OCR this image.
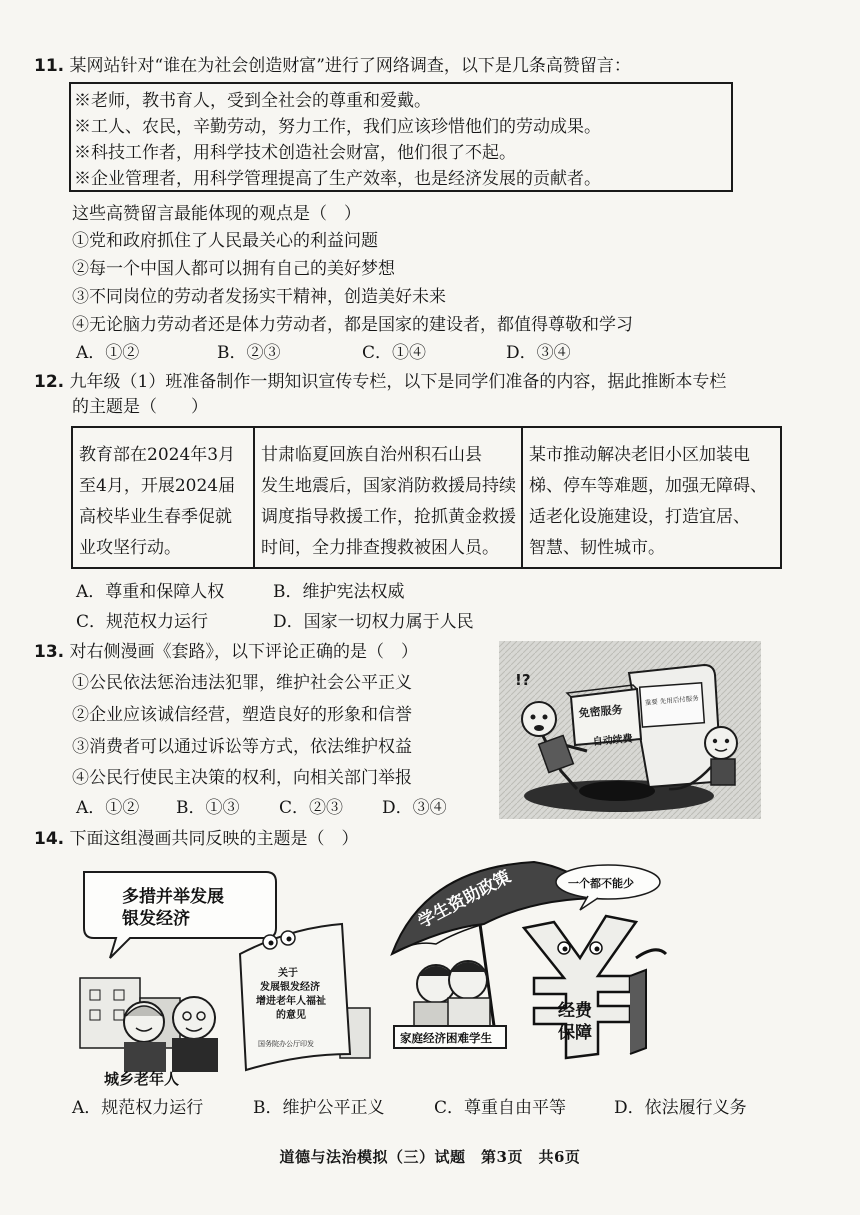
11. 某网站针对“谁在为社会创造财富”进行了网络调查，以下是几条高赞留言：
※老师，教书育人，受到全社会的尊重和爱戴。
※工人、农民，辛勤劳动，努力工作，我们应该珍惜他们的劳动成果。
※科技工作者，用科学技术创造社会财富，他们很了不起。
※企业管理者，用科学管理提高了生产效率，也是经济发展的贡献者。
这些高赞留言最能体现的观点是（　）
①党和政府抓住了人民最关心的利益问题
②每一个中国人都可以拥有自己的美好梦想
③不同岗位的劳动者发扬实干精神，创造美好未来
④无论脑力劳动者还是体力劳动者，都是国家的建设者，都值得尊敬和学习
A．①②	B．②③	C．①④	D．③④
12. 九年级（1）班准备制作一期知识宣传专栏，以下是同学们准备的内容，据此推断本专栏
的主题是（　　）
教育部在2024年3月
至4月，开展2024届
高校毕业生春季促就
业攻坚行动。

甘肃临夏回族自治州积石山县
发生地震后，国家消防救援局持续
调度指导救援工作，抢抓黄金救援
时间，全力排查搜救被困人员。

某市推动解决老旧小区加装电
梯、停车等难题，加强无障碍、
适老化设施建设，打造宜居、
智慧、韧性城市。
A．尊重和保障人权	B．维护宪法权威
C．规范权力运行	D．国家一切权力属于人民
13. 对右侧漫画《套路》，以下评论正确的是（　）
①公民依法惩治违法犯罪，维护社会公平正义
②企业应该诚信经营，塑造良好的形象和信誉
③消费者可以通过诉讼等方式，依法维护权益
④公民行使民主决策的权利，向相关部门举报
A．①② B．①③ C．②③ D．③④
!?
免密服务
自动续费
重要 先用后付服务
14. 下面这组漫画共同反映的主题是（　）
多措并举发展
银发经济
关于
发展银发经济
增进老年人福祉
的意见
国务院办公厅印发
城乡老年人
学生资助政策	一个都不能少
家庭经济困难学生
经费
保障
A．规范权力运行	B．维护公平正义	C．尊重自由平等	D．依法履行义务
道德与法治模拟（三）试题　第3页　共6页
